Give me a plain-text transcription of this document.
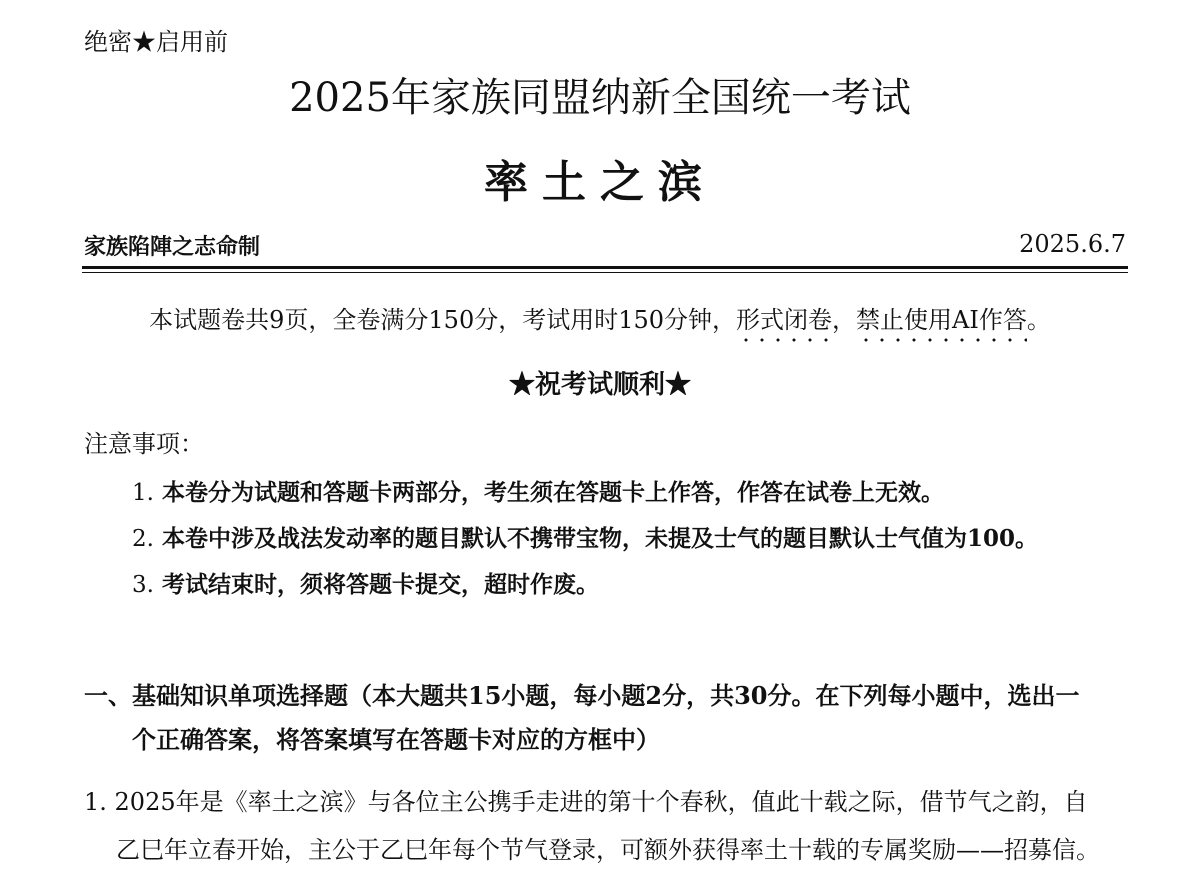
绝密★启用前
2025年家族同盟纳新全国统一考试
率土之滨
家族陷陣之志命制	2025.6.7
本试题卷共9页，全卷满分150分，考试用时150分钟，形式闭卷，禁止使用AI作答。
★祝考试顺利★
注意事项：
1. 本卷分为试题和答题卡两部分，考生须在答题卡上作答，作答在试卷上无效。
2. 本卷中涉及战法发动率的题目默认不携带宝物，未提及士气的题目默认士气值为100。
3. 考试结束时，须将答题卡提交，超时作废。
一、基础知识单项选择题（本大题共15小题，每小题2分，共30分。在下列每小题中，选出一
个正确答案，将答案填写在答题卡对应的方框中）
1. 2025年是《率土之滨》与各位主公携手走进的第十个春秋，值此十载之际，借节气之韵，自
乙巳年立春开始，主公于乙巳年每个节气登录，可额外获得率土十载的专属奖励——招募信。
